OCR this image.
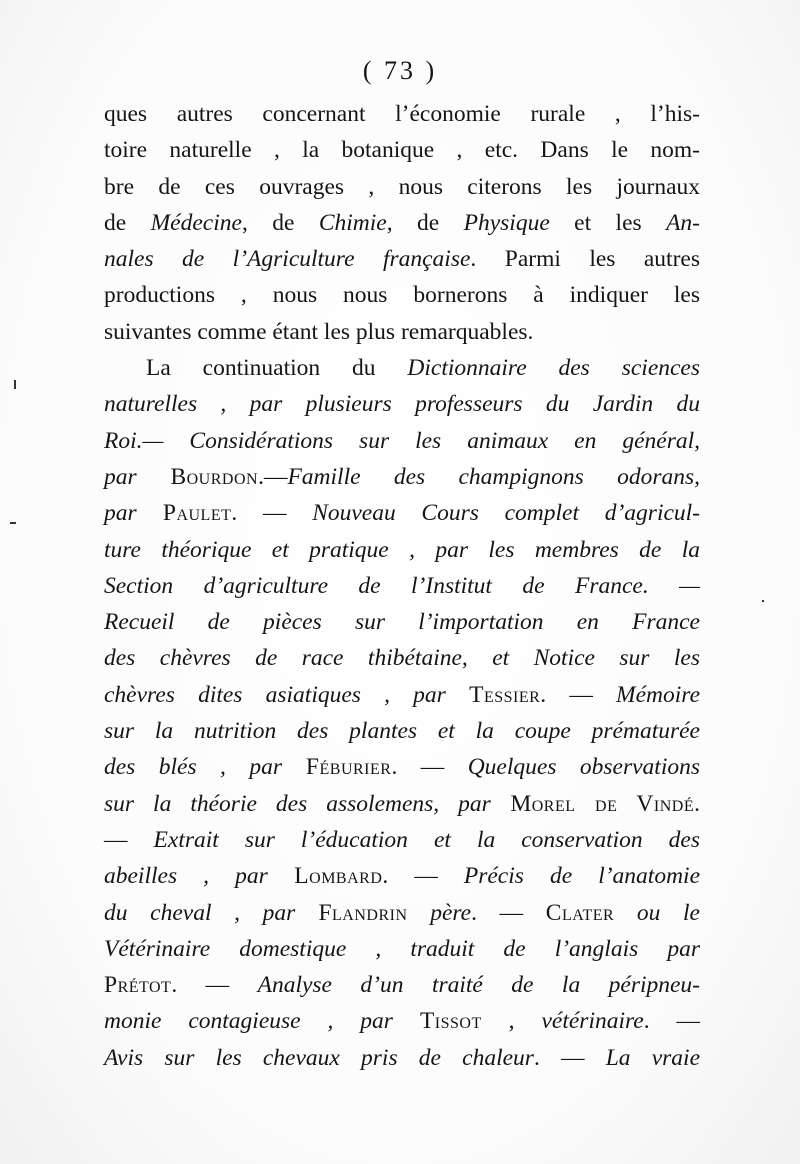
( 73 )
ques autres concernant l’économie rurale , l’his-
toire naturelle , la botanique , etc. Dans le nom-
bre de ces ouvrages , nous citerons les journaux
de Médecine, de Chimie, de Physique et les An-
nales de l’Agriculture française. Parmi les autres
productions , nous nous bornerons à indiquer les
suivantes comme étant les plus remarquables.
La continuation du Dictionnaire des sciences
naturelles , par plusieurs professeurs du Jardin du
Roi.— Considérations sur les animaux en général,
par Bourdon.—Famille des champignons odorans,
par Paulet. — Nouveau Cours complet d’agricul-
ture théorique et pratique , par les membres de la
Section d’agriculture de l’Institut de France. —
Recueil de pièces sur l’importation en France
des chèvres de race thibétaine, et Notice sur les
chèvres dites asiatiques , par Tessier. — Mémoire
sur la nutrition des plantes et la coupe prématurée
des blés , par Féburier. — Quelques observations
sur la théorie des assolemens, par Morel de Vindé.
— Extrait sur l’éducation et la conservation des
abeilles , par Lombard. — Précis de l’anatomie
du cheval , par Flandrin père. — Clater ou le
Vétérinaire domestique , traduit de l’anglais par
Prétot. — Analyse d’un traité de la péripneu-
monie contagieuse , par Tissot , vétérinaire. —
Avis sur les chevaux pris de chaleur. — La vraie
